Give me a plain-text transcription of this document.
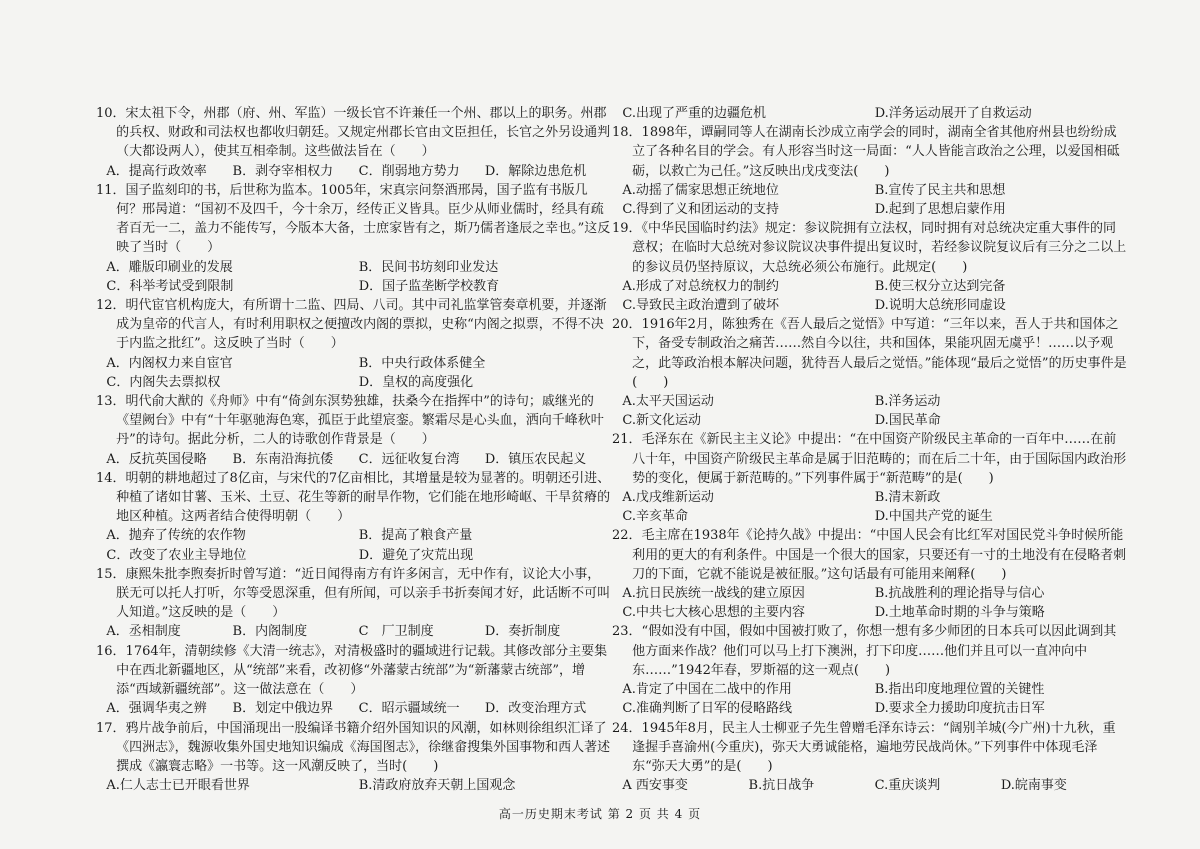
10．宋太祖下令，州郡（府、州、军监）一级长官不许兼任一个州、郡以上的职务。州郡的兵权、财政和司法权也都收归朝廷。又规定州郡长官由文臣担任，长官之外另设通判（大都设两人），使其互相牵制。这些做法旨在（　　）
A．提高行政效率	B．剥夺宰相权力	C．削弱地方势力	D．解除边患危机
11．国子监刻印的书，后世称为监本。1005年，宋真宗问祭酒邢昺，国子监有书版几何？邢昺道：“国初不及四千，今十余万，经传正义皆具。臣少从师业儒时，经具有疏者百无一二，盖力不能传写，今版本大备，士庶家皆有之，斯乃儒者逢辰之幸也。”这反映了当时（　　）
A．雕版印刷业的发展	B．民间书坊刻印业发达
C．科举考试受到限制	D．国子监垄断学校教育
12．明代宦官机构庞大，有所谓十二监、四局、八司。其中司礼监掌管奏章机要，并逐渐成为皇帝的代言人，有时利用职权之便擅改内阁的票拟，史称“内阁之拟票，不得不决于内监之批红”。这反映了当时（　　）
A．内阁权力来自宦官	B．中央行政体系健全
C．内阁失去票拟权	D．皇权的高度强化
13．明代俞大猷的《舟师》中有“倚剑东溟势独雄，扶桑今在指挥中”的诗句；戚继光的《望阙台》中有“十年驱驰海色寒，孤臣于此望宸銮。繁霜尽是心头血，洒向千峰秋叶丹”的诗句。据此分析，二人的诗歌创作背景是（　　）
A．反抗英国侵略	B．东南沿海抗倭	C．远征收复台湾	D．镇压农民起义
14．明朝的耕地超过了8亿亩，与宋代的7亿亩相比，其增量是较为显著的。明朝还引进、种植了诸如甘薯、玉米、土豆、花生等新的耐旱作物，它们能在地形崎岖、干旱贫瘠的地区种植。这两者结合使得明朝（　　）
A．抛弃了传统的农作物	B．提高了粮食产量
C．改变了农业主导地位	D．避免了灾荒出现
15．康熙朱批李煦奏折时曾写道：“近日闻得南方有许多闲言，无中作有，议论大小事，朕无可以托人打听，尔等受恩深重，但有所闻，可以亲手书折奏闻才好，此话断不可叫人知道。”这反映的是（　　）
A．丞相制度	B．内阁制度	C　厂卫制度	D．奏折制度
16．1764年，清朝续修《大清一统志》，对清极盛时的疆域进行记载。其修改部分主要集中在西北新疆地区，从“统部”来看，改初修“外藩蒙古统部”为“新藩蒙古统部”，增添“西域新疆统部”。这一做法意在（　　）
A．强调华夷之辨	B．划定中俄边界	C．昭示疆域统一	D．改变治理方式
17．鸦片战争前后，中国涌现出一股编译书籍介绍外国知识的风潮，如林则徐组织汇译了《四洲志》，魏源收集外国史地知识编成《海国图志》，徐继畲搜集外国事物和西人著述撰成《瀛寰志略》一书等。这一风潮反映了，当时(　　)
A.仁人志士已开眼看世界	B.清政府放弃天朝上国观念
C.出现了严重的边疆危机	D.洋务运动展开了自救运动
18．1898年，谭嗣同等人在湖南长沙成立南学会的同时，湖南全省其他府州县也纷纷成立了各种名目的学会。有人形容当时这一局面：“人人皆能言政治之公理，以爱国相砥砺，以救亡为己任。”这反映出戊戌变法(　　)
A.动摇了儒家思想正统地位	B.宣传了民主共和思想
C.得到了义和团运动的支持	D.起到了思想启蒙作用
19．《中华民国临时约法》规定：参议院拥有立法权，同时拥有对总统决定重大事件的同意权；在临时大总统对参议院议决事件提出复议时，若经参议院复议后有三分之二以上的参议员仍坚持原议，大总统必须公布施行。此规定(　　)
A.形成了对总统权力的制约	B.使三权分立达到完备
C.导致民主政治遭到了破坏	D.说明大总统形同虚设
20．1916年2月，陈独秀在《吾人最后之觉悟》中写道：“三年以来，吾人于共和国体之下，备受专制政治之痛苦……然自今以往，共和国体，果能巩固无虞乎！……以予观之，此等政治根本解决问题，犹待吾人最后之觉悟。”能体现“最后之觉悟”的历史事件是(　　)
A.太平天国运动	B.洋务运动
C.新文化运动	D.国民革命
21．毛泽东在《新民主主义论》中提出：“在中国资产阶级民主革命的一百年中……在前八十年，中国资产阶级民主革命是属于旧范畴的；而在后二十年，由于国际国内政治形势的变化，便属于新范畴的。”下列事件属于“新范畴”的是(　　)
A.戊戌维新运动	B.清末新政
C.辛亥革命	D.中国共产党的诞生
22．毛主席在1938年《论持久战》中提出：“中国人民会有比红军对国民党斗争时候所能利用的更大的有利条件。中国是一个很大的国家，只要还有一寸的土地没有在侵略者刺刀的下面，它就不能说是被征服。”这句话最有可能用来阐释(　　)
A.抗日民族统一战线的建立原因	B.抗战胜利的理论指导与信心
C.中共七大核心思想的主要内容	D.土地革命时期的斗争与策略
23．“假如没有中国，假如中国被打败了，你想一想有多少师团的日本兵可以因此调到其他方面来作战？他们可以马上打下澳洲，打下印度……他们并且可以一直冲向中东……”1942年春，罗斯福的这一观点(　　)
A.肯定了中国在二战中的作用	B.指出印度地理位置的关键性
C.准确判断了日军的侵略路线	D.要求全力援助印度抗击日军
24．1945年8月，民主人士柳亚子先生曾赠毛泽东诗云：“阔别羊城(今广州)十九秋，重逢握手喜渝州(今重庆)，弥天大勇诚能格，遍地劳民战尚休。”下列事件中体现毛泽东“弥天大勇”的是(　　)
A 西安事变	B.抗日战争	C.重庆谈判	D.皖南事变
高一历史期末考试 第 2 页 共 4 页
